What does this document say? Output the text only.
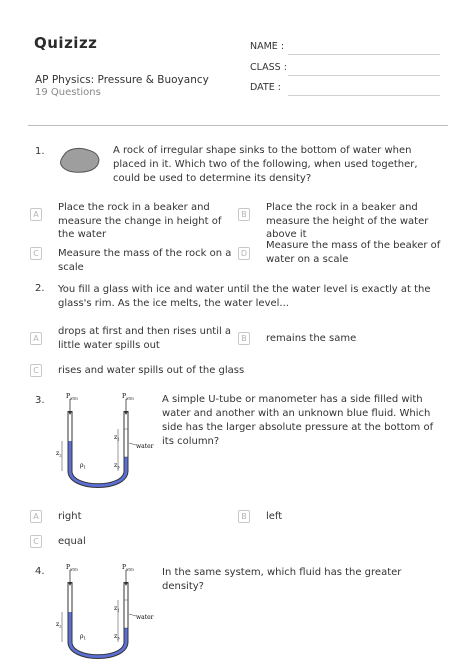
Quizizz
AP Physics: Pressure & Buoyancy
19 Questions
NAME :
CLASS :
DATE :
1.	A rock of irregular shape sinks to the bottom of water when placed in it. Which two of the following, when used together, could be used to determine its density?
A
Place the rock in a beaker and measure the change in height of the water
B
Place the rock in a beaker and measure the height of the water above it
C	Measure the mass of the rock on a scale
D
Measure the mass of the beaker of water on a scale
2. You fill a glass with ice and water until the the water level is exactly at the glass's rim. As the ice melts, the water level...
A
drops at first and then rises until a little water spills out
B	remains the same
C	rises and water spills out of the glass
3.	$P_{atm}$	$P_{atm}$
$z_1$
$z_2$
$z_3$
$\rho_1$
water
A simple U-tube or manometer has a side filled with water and another with an unknown blue fluid. Which side has the larger absolute pressure at the bottom of its column?
A	right	B	left
C	equal
4.	$P_{atm}$	$P_{atm}$
$z_1$
$z_2$
$z_3$
$\rho_1$
water
In the same system, which fluid has the greater density?
